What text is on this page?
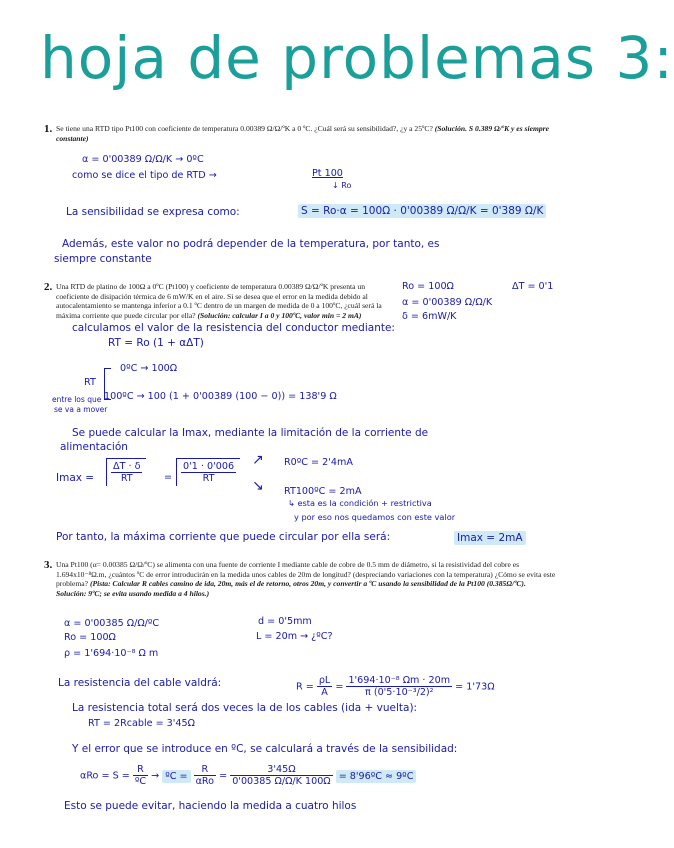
hoja de problemas 3:
1. Se tiene una RTD tipo Pt100 con coeficiente de temperatura 0.00389 Ω/Ω/ºK a 0 ºC. ¿Cuál será su sensibilidad?, ¿y a 25ºC? (Solución. S 0.389 Ω/ºK y es siempre constante)
α = 0'00389 Ω/Ω/K → 0ºC
como se dice el tipo de RTD →	Pt 100
↓ Ro
La sensibilidad se expresa como:	S = Ro·α = 100Ω · 0'00389 Ω/Ω/K = 0'389 Ω/K
Además, este valor no podrá depender de la temperatura, por tanto, es
siempre constante
2. Una RTD de platino de 100Ω a 0ºC (Pt100) y coeficiente de temperatura 0.00389 Ω/Ω/ºK presenta un coeficiente de disipación térmica de 6 mW/K en el aire. Si se desea que el error en la medida debido al autocalentamiento se mantenga inferior a 0.1 ºC dentro de un margen de medida de 0 a 100ºC, ¿cuál será la máxima corriente que puede circular por ella? (Solución: calcular I a 0 y 100ºC, valor min = 2 mA)
Ro = 100Ω	ΔT = 0'1
α = 0'00389 Ω/Ω/K
δ = 6mW/K
calculamos el valor de la resistencia del conductor mediante:
RT = Ro (1 + αΔT)
RT
0ºC → 100Ω
100ºC → 100 (1 + 0'00389 (100 − 0)) = 138'9 Ω
entre los que
se va a mover
Se puede calcular la Imax, mediante la limitación de la corriente de
alimentación
$Imax = \frac{\Delta T \cdot \delta}{RT} = \frac{0'1 \cdot 0'006}{RT}$
↗
↘
R0ºC = 2'4mA
RT100ºC = 2mA
↳ esta es la condición + restrictiva
y por eso nos quedamos con este valor
Por tanto, la máxima corriente que puede circular por ella será:	Imax = 2mA
3. Una Pt100 (α= 0.00385 Ω/Ω/ºC) se alimenta con una fuente de corriente I mediante cable de cobre de 0.5 mm de diámetro, si la resistividad del cobre es 1.694x10⁻⁸Ω.m, ¿cuántos ºC de error introducirán en la medida unos cables de 20m de longitud? (despreciando variaciones con la temperatura) ¿Cómo se evita este problema? (Pista: Calcular R cables camino de ida, 20m, más el de retorno, otros 20m, y convertir a ºC usando la sensibilidad de la Pt100 (0.385Ω/ºC). Solución: 9ºC; se evita usando medida a 4 hilos.)
α = 0'00385 Ω/Ω/ºC
Ro = 100Ω
ρ = 1'694·10⁻⁸ Ω m
d = 0'5mm
L = 20m → ¿ºC?
La resistencia del cable valdrá:	$R = \frac{\rho L}{A} = \frac{\text{1'694·10⁻⁸ Ωm · 20m}}{\text{π (0'5·10⁻³/2)²}} = 1'73\Omega$
La resistencia total será dos veces la de los cables (ida + vuelta):
RT = 2Rcable = 3'45Ω
Y el error que se introduce en ºC, se calculará a través de la sensibilidad:
$\alpha Ro = S = \frac{R}{\text{ºC}}$ → ºC = $\frac{R}{\text{αRo}} = \frac{3'45\Omega}{0'00385 \Omega/\Omega/K 100\Omega}$ = 8'96ºC ≈ 9ºC
Esto se puede evitar, haciendo la medida a cuatro hilos
